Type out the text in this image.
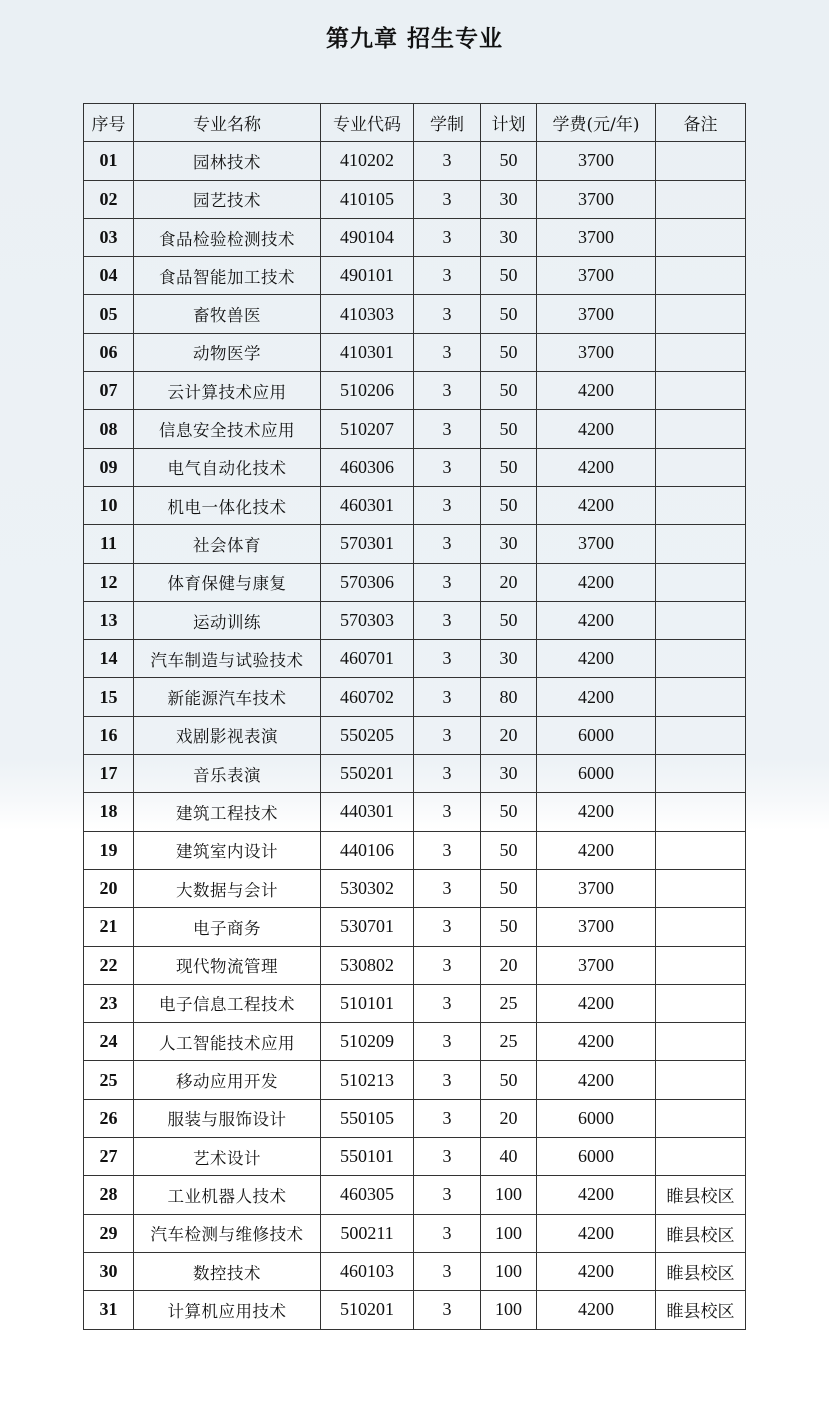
第九章 招生专业
序号	专业名称	专业代码	学制	计划	学费(元/年)	备注
01	园林技术	410202	3	50	3700	
02	园艺技术	410105	3	30	3700	
03	食品检验检测技术	490104	3	30	3700	
04	食品智能加工技术	490101	3	50	3700	
05	畜牧兽医	410303	3	50	3700	
06	动物医学	410301	3	50	3700	
07	云计算技术应用	510206	3	50	4200	
08	信息安全技术应用	510207	3	50	4200	
09	电气自动化技术	460306	3	50	4200	
10	机电一体化技术	460301	3	50	4200	
11	社会体育	570301	3	30	3700	
12	体育保健与康复	570306	3	20	4200	
13	运动训练	570303	3	50	4200	
14	汽车制造与试验技术	460701	3	30	4200	
15	新能源汽车技术	460702	3	80	4200	
16	戏剧影视表演	550205	3	20	6000	
17	音乐表演	550201	3	30	6000	
18	建筑工程技术	440301	3	50	4200	
19	建筑室内设计	440106	3	50	4200	
20	大数据与会计	530302	3	50	3700	
21	电子商务	530701	3	50	3700	
22	现代物流管理	530802	3	20	3700	
23	电子信息工程技术	510101	3	25	4200	
24	人工智能技术应用	510209	3	25	4200	
25	移动应用开发	510213	3	50	4200	
26	服装与服饰设计	550105	3	20	6000	
27	艺术设计	550101	3	40	6000	
28	工业机器人技术	460305	3	100	4200	睢县校区
29	汽车检测与维修技术	500211	3	100	4200	睢县校区
30	数控技术	460103	3	100	4200	睢县校区
31	计算机应用技术	510201	3	100	4200	睢县校区
